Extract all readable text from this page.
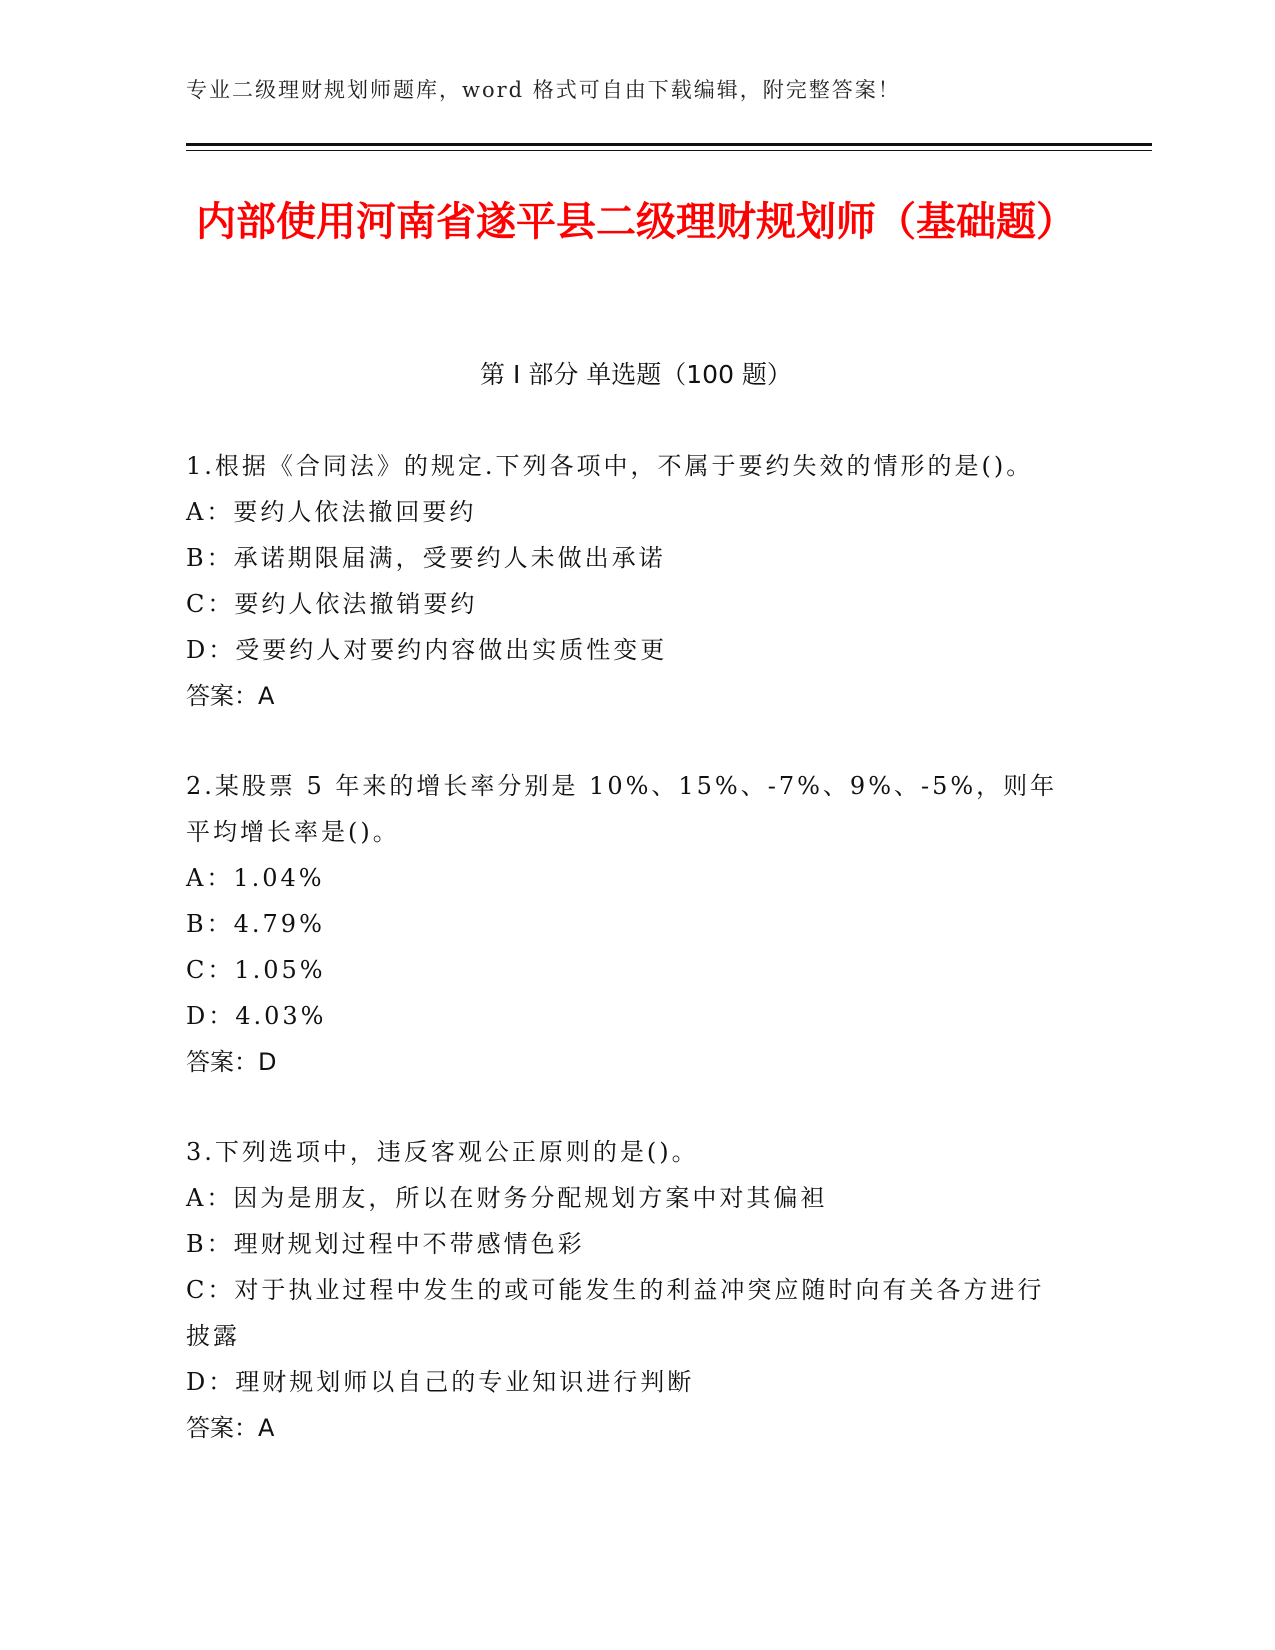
专业二级理财规划师题库，word 格式可自由下载编辑，附完整答案！
内部使用河南省遂平县二级理财规划师（基础题）
第 I 部分 单选题（100 题）

1.根据《合同法》的规定.下列各项中，不属于要约失效的情形的是()。

A：要约人依法撤回要约

B：承诺期限届满，受要约人未做出承诺

C：要约人依法撤销要约

D：受要约人对要约内容做出实质性变更

答案：A

2.某股票 5 年来的增长率分别是 10%、15%、-7%、9%、-5%，则年平均增长率是()。

A：1.04%

B：4.79%

C：1.05%

D：4.03%

答案：D

3.下列选项中，违反客观公正原则的是()。

A：因为是朋友，所以在财务分配规划方案中对其偏袒

B：理财规划过程中不带感情色彩

C：对于执业过程中发生的或可能发生的利益冲突应随时向有关各方进行披露

D：理财规划师以自己的专业知识进行判断

答案：A
